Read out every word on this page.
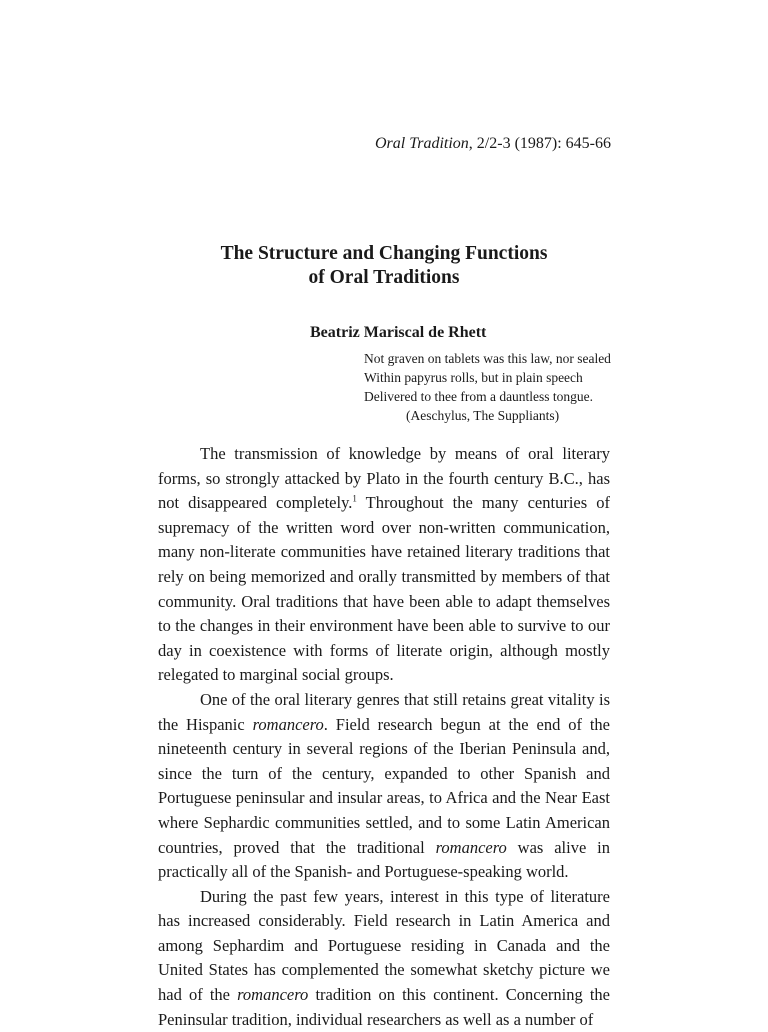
Oral Tradition, 2/2-3 (1987): 645-66
The Structure and Changing Functions
of Oral Traditions
Beatriz Mariscal de Rhett
Not graven on tablets was this law, nor sealed
Within papyrus rolls, but in plain speech
Delivered to thee from a dauntless tongue.
(Aeschylus, The Suppliants)

The transmission of knowledge by means of oral literary forms, so strongly attacked by Plato in the fourth century B.C., has not disappeared completely.$^1$ Throughout the many centuries of supremacy of the written word over non-written communication, many non-literate communities have retained literary traditions that rely on being memorized and orally transmitted by members of that community. Oral traditions that have been able to adapt themselves to the changes in their environment have been able to survive to our day in coexistence with forms of literate origin, although mostly relegated to marginal social groups.

One of the oral literary genres that still retains great vitality is the Hispanic romancero. Field research begun at the end of the nineteenth century in several regions of the Iberian Peninsula and, since the turn of the century, expanded to other Spanish and Portuguese peninsular and insular areas, to Africa and the Near East where Sephardic communities settled, and to some Latin American countries, proved that the traditional romancero was alive in practically all of the Spanish- and Portuguese-speaking world.

During the past few years, interest in this type of literature has increased considerably. Field research in Latin America and among Sephardim and Portuguese residing in Canada and the United States has complemented the somewhat sketchy picture we had of the romancero tradition on this continent. Concerning the Peninsular tradition, individual researchers as well as a number of
